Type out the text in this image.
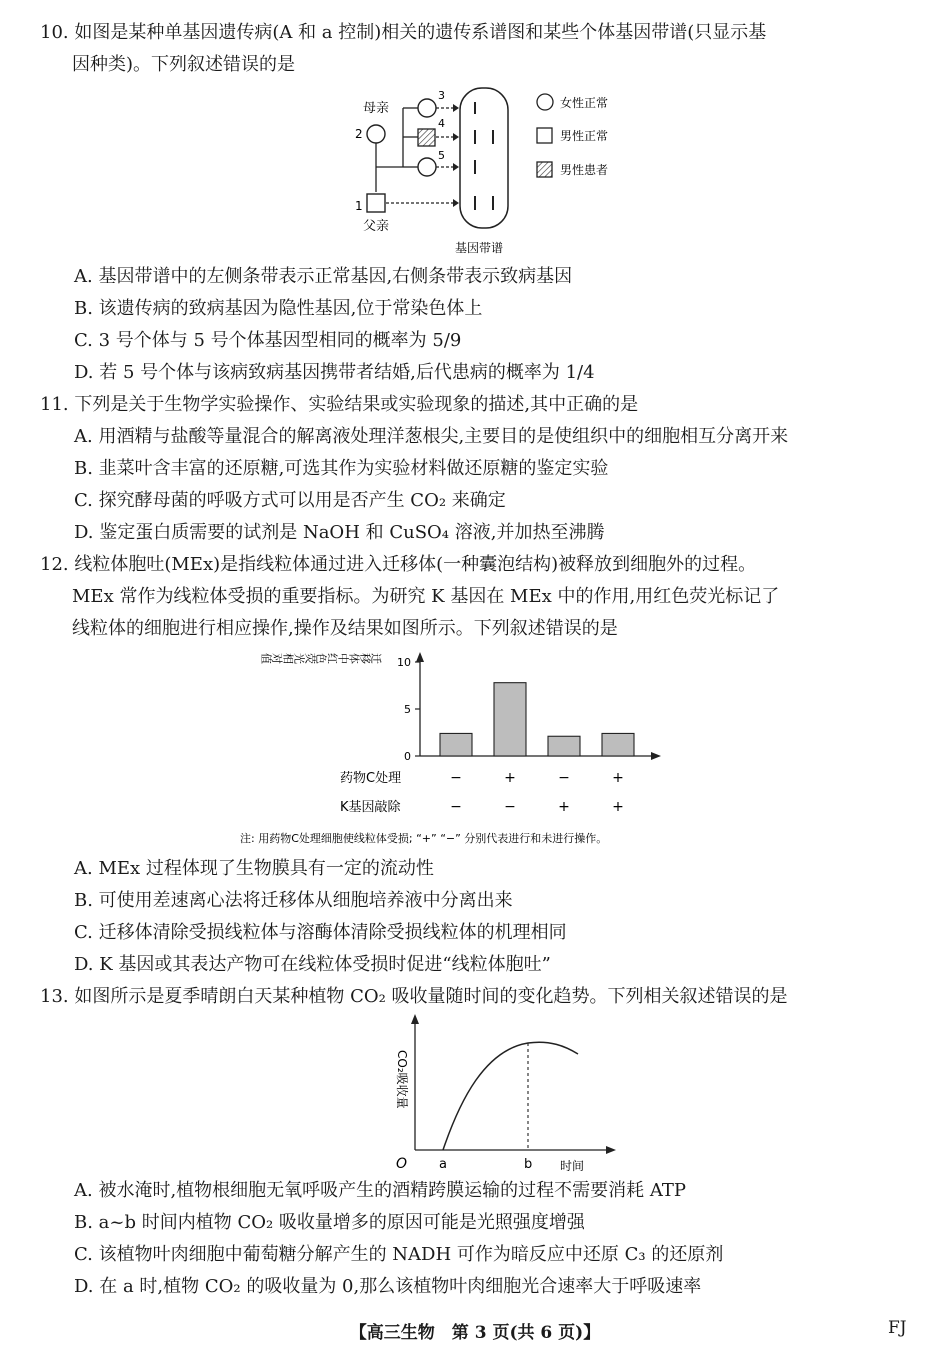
10. 如图是某种单基因遗传病(A 和 a 控制)相关的遗传系谱图和某些个体基因带谱(只显示基
因种类)。下列叙述错误的是
母亲
2
3
4
5
1
父亲
基因带谱
女性正常
男性正常
男性患者
A. 基因带谱中的左侧条带表示正常基因,右侧条带表示致病基因
B. 该遗传病的致病基因为隐性基因,位于常染色体上
C. 3 号个体与 5 号个体基因型相同的概率为 5/9
D. 若 5 号个体与该病致病基因携带者结婚,后代患病的概率为 1/4
11. 下列是关于生物学实验操作、实验结果或实验现象的描述,其中正确的是
A. 用酒精与盐酸等量混合的解离液处理洋葱根尖,主要目的是使组织中的细胞相互分离开来
B. 韭菜叶含丰富的还原糖,可选其作为实验材料做还原糖的鉴定实验
C. 探究酵母菌的呼吸方式可以用是否产生 CO₂ 来确定
D. 鉴定蛋白质需要的试剂是 NaOH 和 CuSO₄ 溶液,并加热至沸腾
12. 线粒体胞吐(MEx)是指线粒体通过进入迁移体(一种囊泡结构)被释放到细胞外的过程。
MEx 常作为线粒体受损的重要指标。为研究 K 基因在 MEx 中的作用,用红色荧光标记了
线粒体的细胞进行相应操作,操作及结果如图所示。下列叙述错误的是
迁移体中红色荧光相对值
0
5
10
药物C处理
K基因敲除
−
−
+
−
−
+
+
+
注: 用药物C处理细胞使线粒体受损; “+” “−” 分别代表进行和未进行操作。
A. MEx 过程体现了生物膜具有一定的流动性
B. 可使用差速离心法将迁移体从细胞培养液中分离出来
C. 迁移体清除受损线粒体与溶酶体清除受损线粒体的机理相同
D. K 基因或其表达产物可在线粒体受损时促进“线粒体胞吐”
13. 如图所示是夏季晴朗白天某种植物 CO₂ 吸收量随时间的变化趋势。下列相关叙述错误的是
CO₂吸收量
O a	b 时间
A. 被水淹时,植物根细胞无氧呼吸产生的酒精跨膜运输的过程不需要消耗 ATP
B. a~b 时间内植物 CO₂ 吸收量增多的原因可能是光照强度增强
C. 该植物叶肉细胞中葡萄糖分解产生的 NADH 可作为暗反应中还原 C₃ 的还原剂
D. 在 a 时,植物 CO₂ 的吸收量为 0,那么该植物叶肉细胞光合速率大于呼吸速率
【高三生物　第 3 页(共 6 页)】	FJ
